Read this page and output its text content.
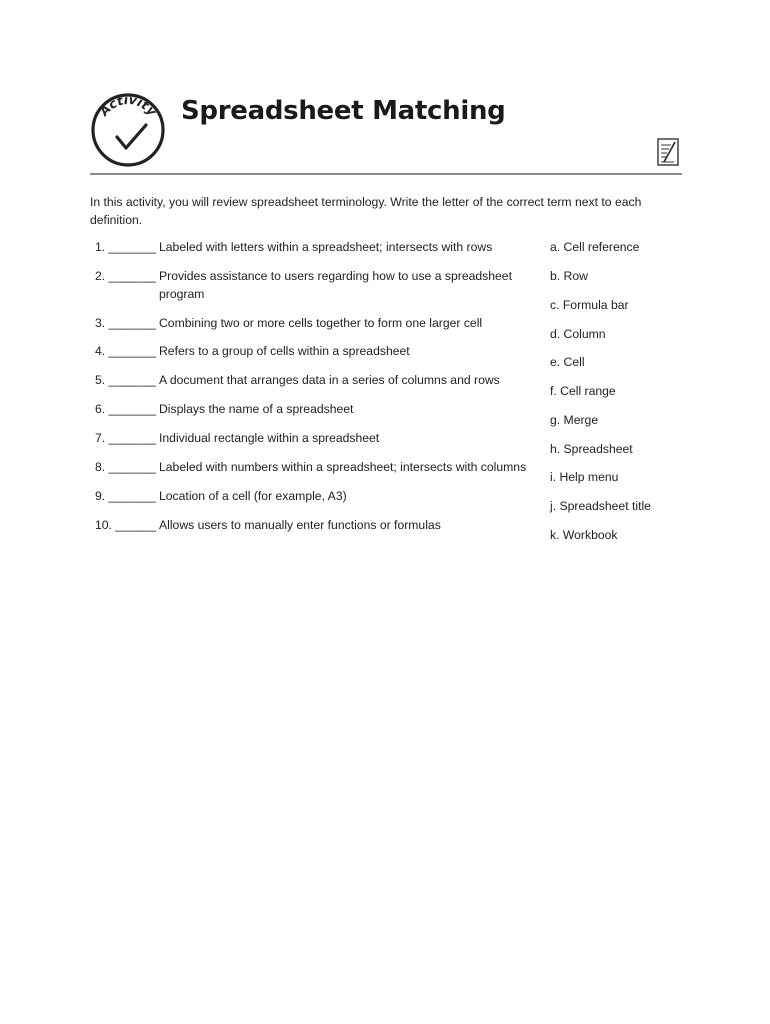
Activity Spreadsheet Matching
In this activity, you will review spreadsheet terminology. Write the letter of the correct term next to each definition.
1. _______ Labeled with letters within a spreadsheet; intersects with rows
2. _______ Provides assistance to users regarding how to use a spreadsheet program
3. _______ Combining two or more cells together to form one larger cell
4. _______ Refers to a group of cells within a spreadsheet
5. _______ A document that arranges data in a series of columns and rows
6. _______ Displays the name of a spreadsheet
7. _______ Individual rectangle within a spreadsheet
8. _______ Labeled with numbers within a spreadsheet; intersects with columns
9. _______ Location of a cell (for example, A3)
10. ______ Allows users to manually enter functions or formulas
a. Cell reference
b. Row
c. Formula bar
d. Column
e. Cell
f. Cell range
g. Merge
h. Spreadsheet
i. Help menu
j. Spreadsheet title
k. Workbook
